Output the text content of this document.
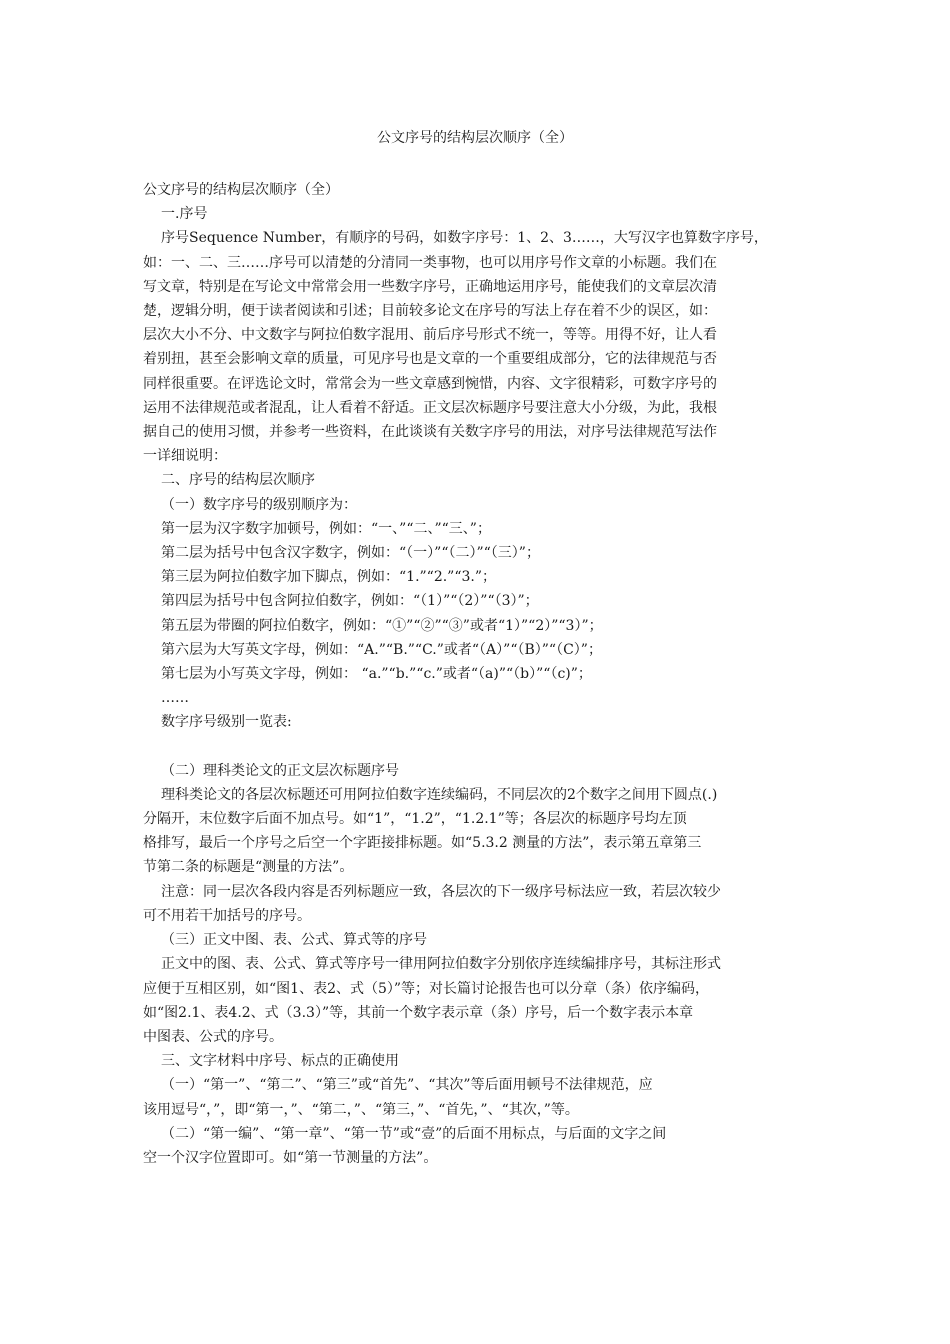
公文序号的结构层次顺序（全）

公文序号的结构层次顺序（全）

一.序号

序号Sequence Number，有顺序的号码，如数字序号：1、2、3……，大写汉字也算数字序号，

如：一、二、三……序号可以清楚的分清同一类事物，也可以用序号作文章的小标题。我们在

写文章，特别是在写论文中常常会用一些数字序号，正确地运用序号，能使我们的文章层次清

楚，逻辑分明，便于读者阅读和引述；目前较多论文在序号的写法上存在着不少的误区，如：

层次大小不分、中文数字与阿拉伯数字混用、前后序号形式不统一，等等。用得不好，让人看

着别扭，甚至会影响文章的质量，可见序号也是文章的一个重要组成部分，它的法律规范与否

同样很重要。在评选论文时，常常会为一些文章感到惋惜，内容、文字很精彩，可数字序号的

运用不法律规范或者混乱，让人看着不舒适。正文层次标题序号要注意大小分级，为此，我根

据自己的使用习惯，并参考一些资料，在此谈谈有关数字序号的用法，对序号法律规范写法作

一详细说明：

二、序号的结构层次顺序

（一）数字序号的级别顺序为：

第一层为汉字数字加顿号，例如：“一、”“二、”“三、”；

第二层为括号中包含汉字数字，例如：“（一）”“（二）”“（三）”；

第三层为阿拉伯数字加下脚点，例如：“1.”“2.”“3.”；

第四层为括号中包含阿拉伯数字，例如：“（1）”“（2）”“（3）”；

第五层为带圈的阿拉伯数字，例如：“①”“②”“③”或者“1）”“2）”“3）”；

第六层为大写英文字母，例如：“A.”“B.”“C.”或者“（A）”“（B）”“（C）”；

第七层为小写英文字母，例如： “a.”“b.”“c.”或者“（a)”“（b）”“（c)”；

……

数字序号级别一览表:

（二）理科类论文的正文层次标题序号

理科类论文的各层次标题还可用阿拉伯数字连续编码，不同层次的2个数字之间用下圆点(.)

分隔开，末位数字后面不加点号。如“1”，“1.2”，“1.2.1”等；各层次的标题序号均左顶

格排写，最后一个序号之后空一个字距接排标题。如“5.3.2 测量的方法”，表示第五章第三

节第二条的标题是“测量的方法”。

注意：同一层次各段内容是否列标题应一致，各层次的下一级序号标法应一致，若层次较少

可不用若干加括号的序号。

（三）正文中图、表、公式、算式等的序号

正文中的图、表、公式、算式等序号一律用阿拉伯数字分别依序连续编排序号，其标注形式

应便于互相区别，如“图1、表2、式（5）”等；对长篇讨论报告也可以分章（条）依序编码，

如“图2.1、表4.2、式（3.3）”等，其前一个数字表示章（条）序号，后一个数字表示本章

中图表、公式的序号。

三、文字材料中序号、标点的正确使用

（一）“第一”、“第二”、“第三”或“首先”、“其次”等后面用顿号不法律规范，应

该用逗号“，”，即“第一，”、“第二，”、“第三，”、“首先，”、“其次，”等。

（二）“第一编”、“第一章”、“第一节”或“壹”的后面不用标点，与后面的文字之间

空一个汉字位置即可。如“第一节测量的方法”。
